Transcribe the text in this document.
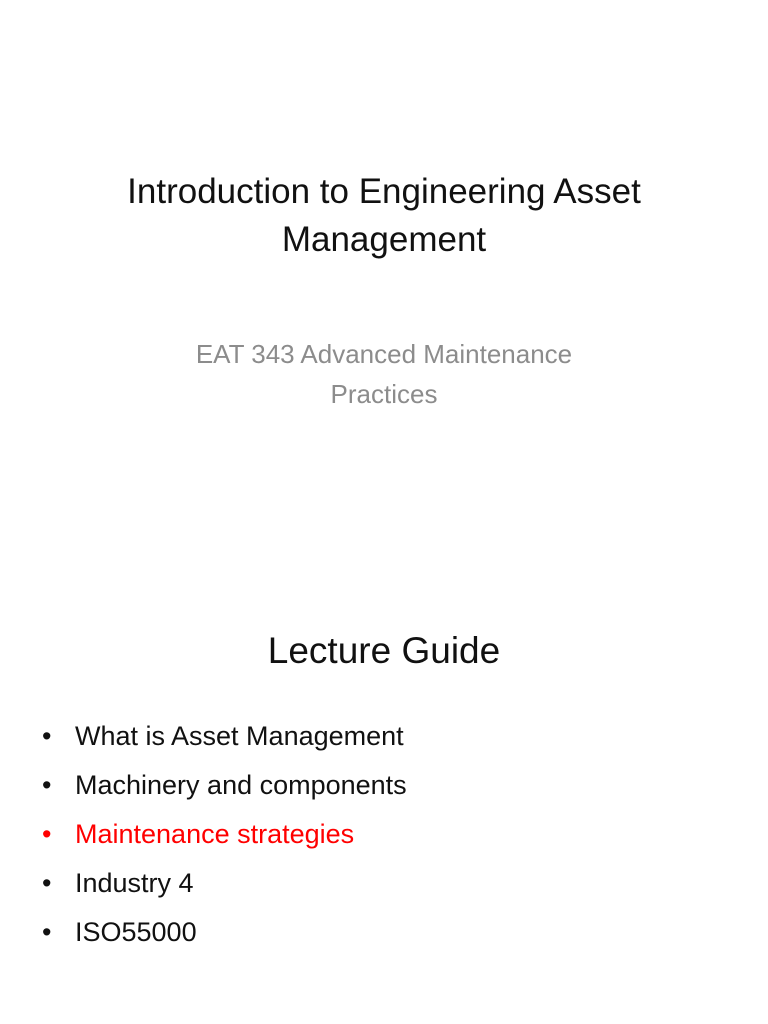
Introduction to Engineering Asset
Management
EAT 343 Advanced Maintenance
Practices
Lecture Guide
• What is Asset Management
• Machinery and components
• Maintenance strategies
• Industry 4
• ISO55000
